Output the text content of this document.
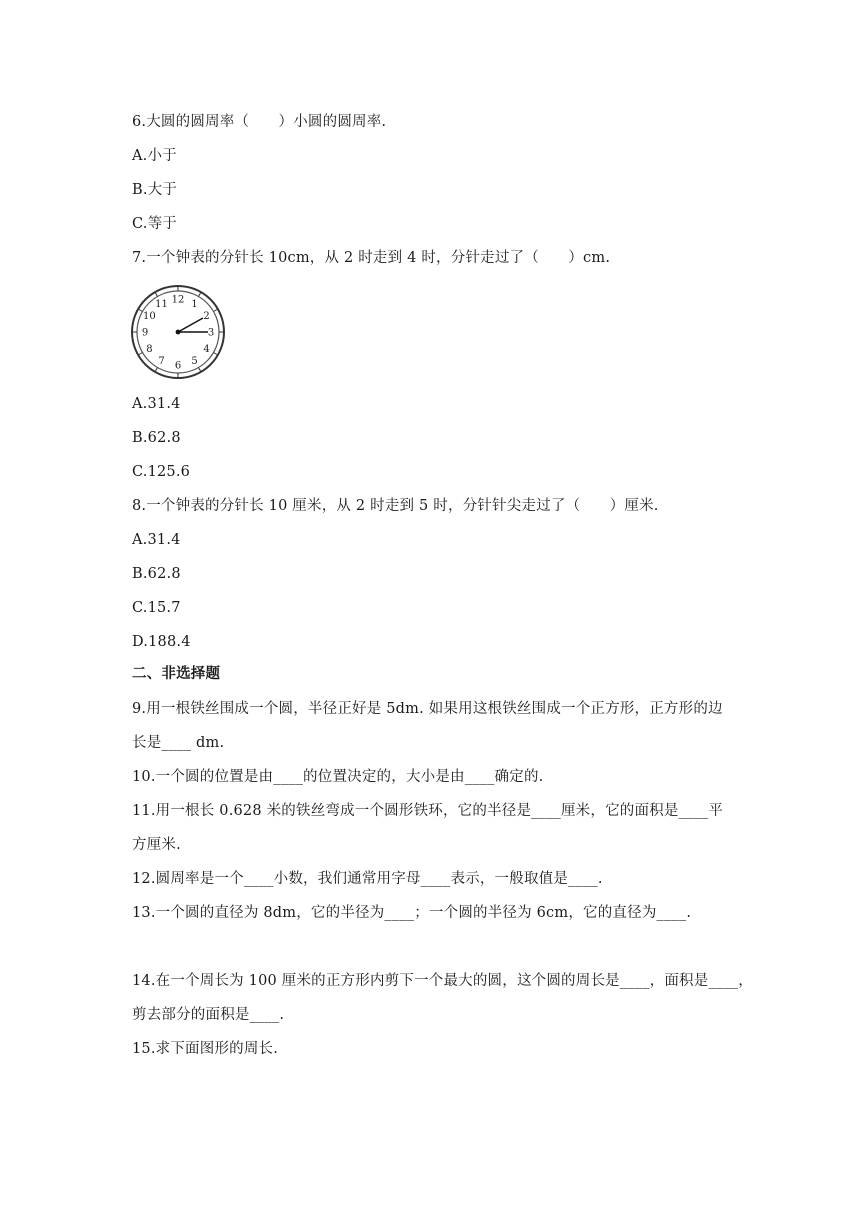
6.大圆的圆周率（　　）小圆的圆周率.
A.小于
B.大于
C.等于
7.一个钟表的分针长 10cm，从 2 时走到 4 时，分针走过了（　　）cm.
12 1
2
3
4
5
6
7
8
9
10
11
A.31.4
B.62.8
C.125.6
8.一个钟表的分针长 10 厘米，从 2 时走到 5 时，分针针尖走过了（　　）厘米.
A.31.4
B.62.8
C.15.7
D.188.4
二、非选择题
9.用一根铁丝围成一个圆，半径正好是 5dm. 如果用这根铁丝围成一个正方形，正方形的边
长是____ dm.
10.一个圆的位置是由____的位置决定的，大小是由____确定的.
11.用一根长 0.628 米的铁丝弯成一个圆形铁环，它的半径是____厘米，它的面积是____平
方厘米.
12.圆周率是一个____小数，我们通常用字母____表示，一般取值是____.
13.一个圆的直径为 8dm，它的半径为____；一个圆的半径为 6cm，它的直径为____.
14.在一个周长为 100 厘米的正方形内剪下一个最大的圆，这个圆的周长是____，面积是____，
剪去部分的面积是____.
15.求下面图形的周长.
